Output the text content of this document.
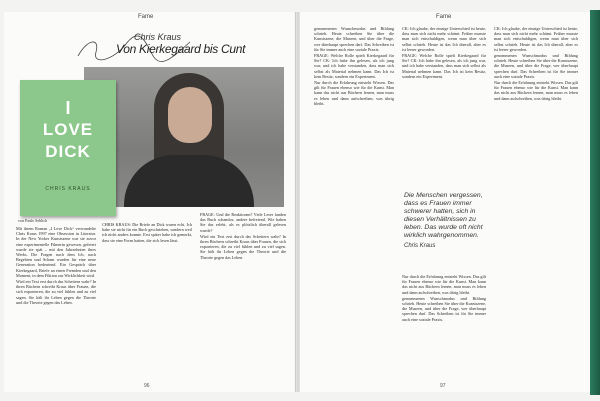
Fame
Chris Kraus
Von Kierkegaard bis Cunt
I
LOVE
DICK
CHRIS KRAUS
von Paulo Seblich

Mit ihrem Roman „I Love Dick“ verwandelte Chris Kraus 1997 eine Obsession in Literatur. In der New Yorker Kunstszene war sie zuvor eine experimentelle Filmerin gewesen, gefeiert wurde sie spät – mit den Jahrzehnten ihres Werks. Die Fragen nach dem Ich, nach Begehren und Scham wurden für eine neue Generation bedeutend. Ein Gespräch über Kierkegaard, Briefe an einen Fremden und den Moment, in dem Fiktion zur Wirklichkeit wird.

Wird ein Text erst durch das Scheitern wahr? In ihren Büchern schreibt Kraus über Frauen, die sich exponieren, die zu viel fühlen und zu viel sagen. Sie hält ihr Leben gegen die Theorie und die Theorie gegen das Leben.

CHRIS KRAUS: Die Briefe an Dick waren echt. Ich habe sie nicht für ein Buch geschrieben, sondern weil ich nicht anders konnte. Erst später habe ich gemerkt, dass sie eine Form hatten, die sich lesen lässt.

FRAGE: Und die Reaktionen? Viele Leser fanden das Buch schamlos, andere befreiend. Wie haben Sie das erlebt, als es plötzlich überall gelesen wurde?

Wird ein Text erst durch das Scheitern wahr? In ihren Büchern schreibt Kraus über Frauen, die sich exponieren, die zu viel fühlen und zu viel sagen. Sie hält ihr Leben gegen die Theorie und die Theorie gegen das Leben.

96
Fame

genommenen Wunschmodus und Bildung schrieb. Heute schreiben Sie über die Kunstszene, die Museen, und über die Frage, wer überhaupt sprechen darf. Das Schreiben ist für Sie immer auch eine soziale Praxis.

FRAGE: Welche Rolle spielt Kierkegaard für Sie? CK: Ich habe ihn gelesen, als ich jung war, und ich habe verstanden, dass man sich selbst als Material nehmen kann. Das Ich ist kein Besitz, sondern ein Experiment.

Nur durch die Erfahrung entsteht Wissen. Das gilt für Frauen ebenso wie für die Kunst. Man kann das nicht aus Büchern lernen, man muss es leben und dann aufschreiben, was übrig bleibt.

CK: Ich glaube, der einzige Unterschied ist heute, dass man sich nicht mehr schämt. Früher musste man sich entschuldigen, wenn man über sich selbst schrieb. Heute ist das Ich überall, aber es ist leerer geworden.

FRAGE: Welche Rolle spielt Kierkegaard für Sie? CK: Ich habe ihn gelesen, als ich jung war, und ich habe verstanden, dass man sich selbst als Material nehmen kann. Das Ich ist kein Besitz, sondern ein Experiment.

Die Menschen vergessen, dass es Frauen immer schwerer hatten, sich in diesen Verhältnissen zu leben. Das wurde oft nicht wirklich wahrgenommen.
Chris Kraus

Nur durch die Erfahrung entsteht Wissen. Das gilt für Frauen ebenso wie für die Kunst. Man kann das nicht aus Büchern lernen, man muss es leben und dann aufschreiben, was übrig bleibt.

genommenen Wunschmodus und Bildung schrieb. Heute schreiben Sie über die Kunstszene, die Museen, und über die Frage, wer überhaupt sprechen darf. Das Schreiben ist für Sie immer auch eine soziale Praxis.

CK: Ich glaube, der einzige Unterschied ist heute, dass man sich nicht mehr schämt. Früher musste man sich entschuldigen, wenn man über sich selbst schrieb. Heute ist das Ich überall, aber es ist leerer geworden.

genommenen Wunschmodus und Bildung schrieb. Heute schreiben Sie über die Kunstszene, die Museen, und über die Frage, wer überhaupt sprechen darf. Das Schreiben ist für Sie immer auch eine soziale Praxis.

Nur durch die Erfahrung entsteht Wissen. Das gilt für Frauen ebenso wie für die Kunst. Man kann das nicht aus Büchern lernen, man muss es leben und dann aufschreiben, was übrig bleibt.

97
